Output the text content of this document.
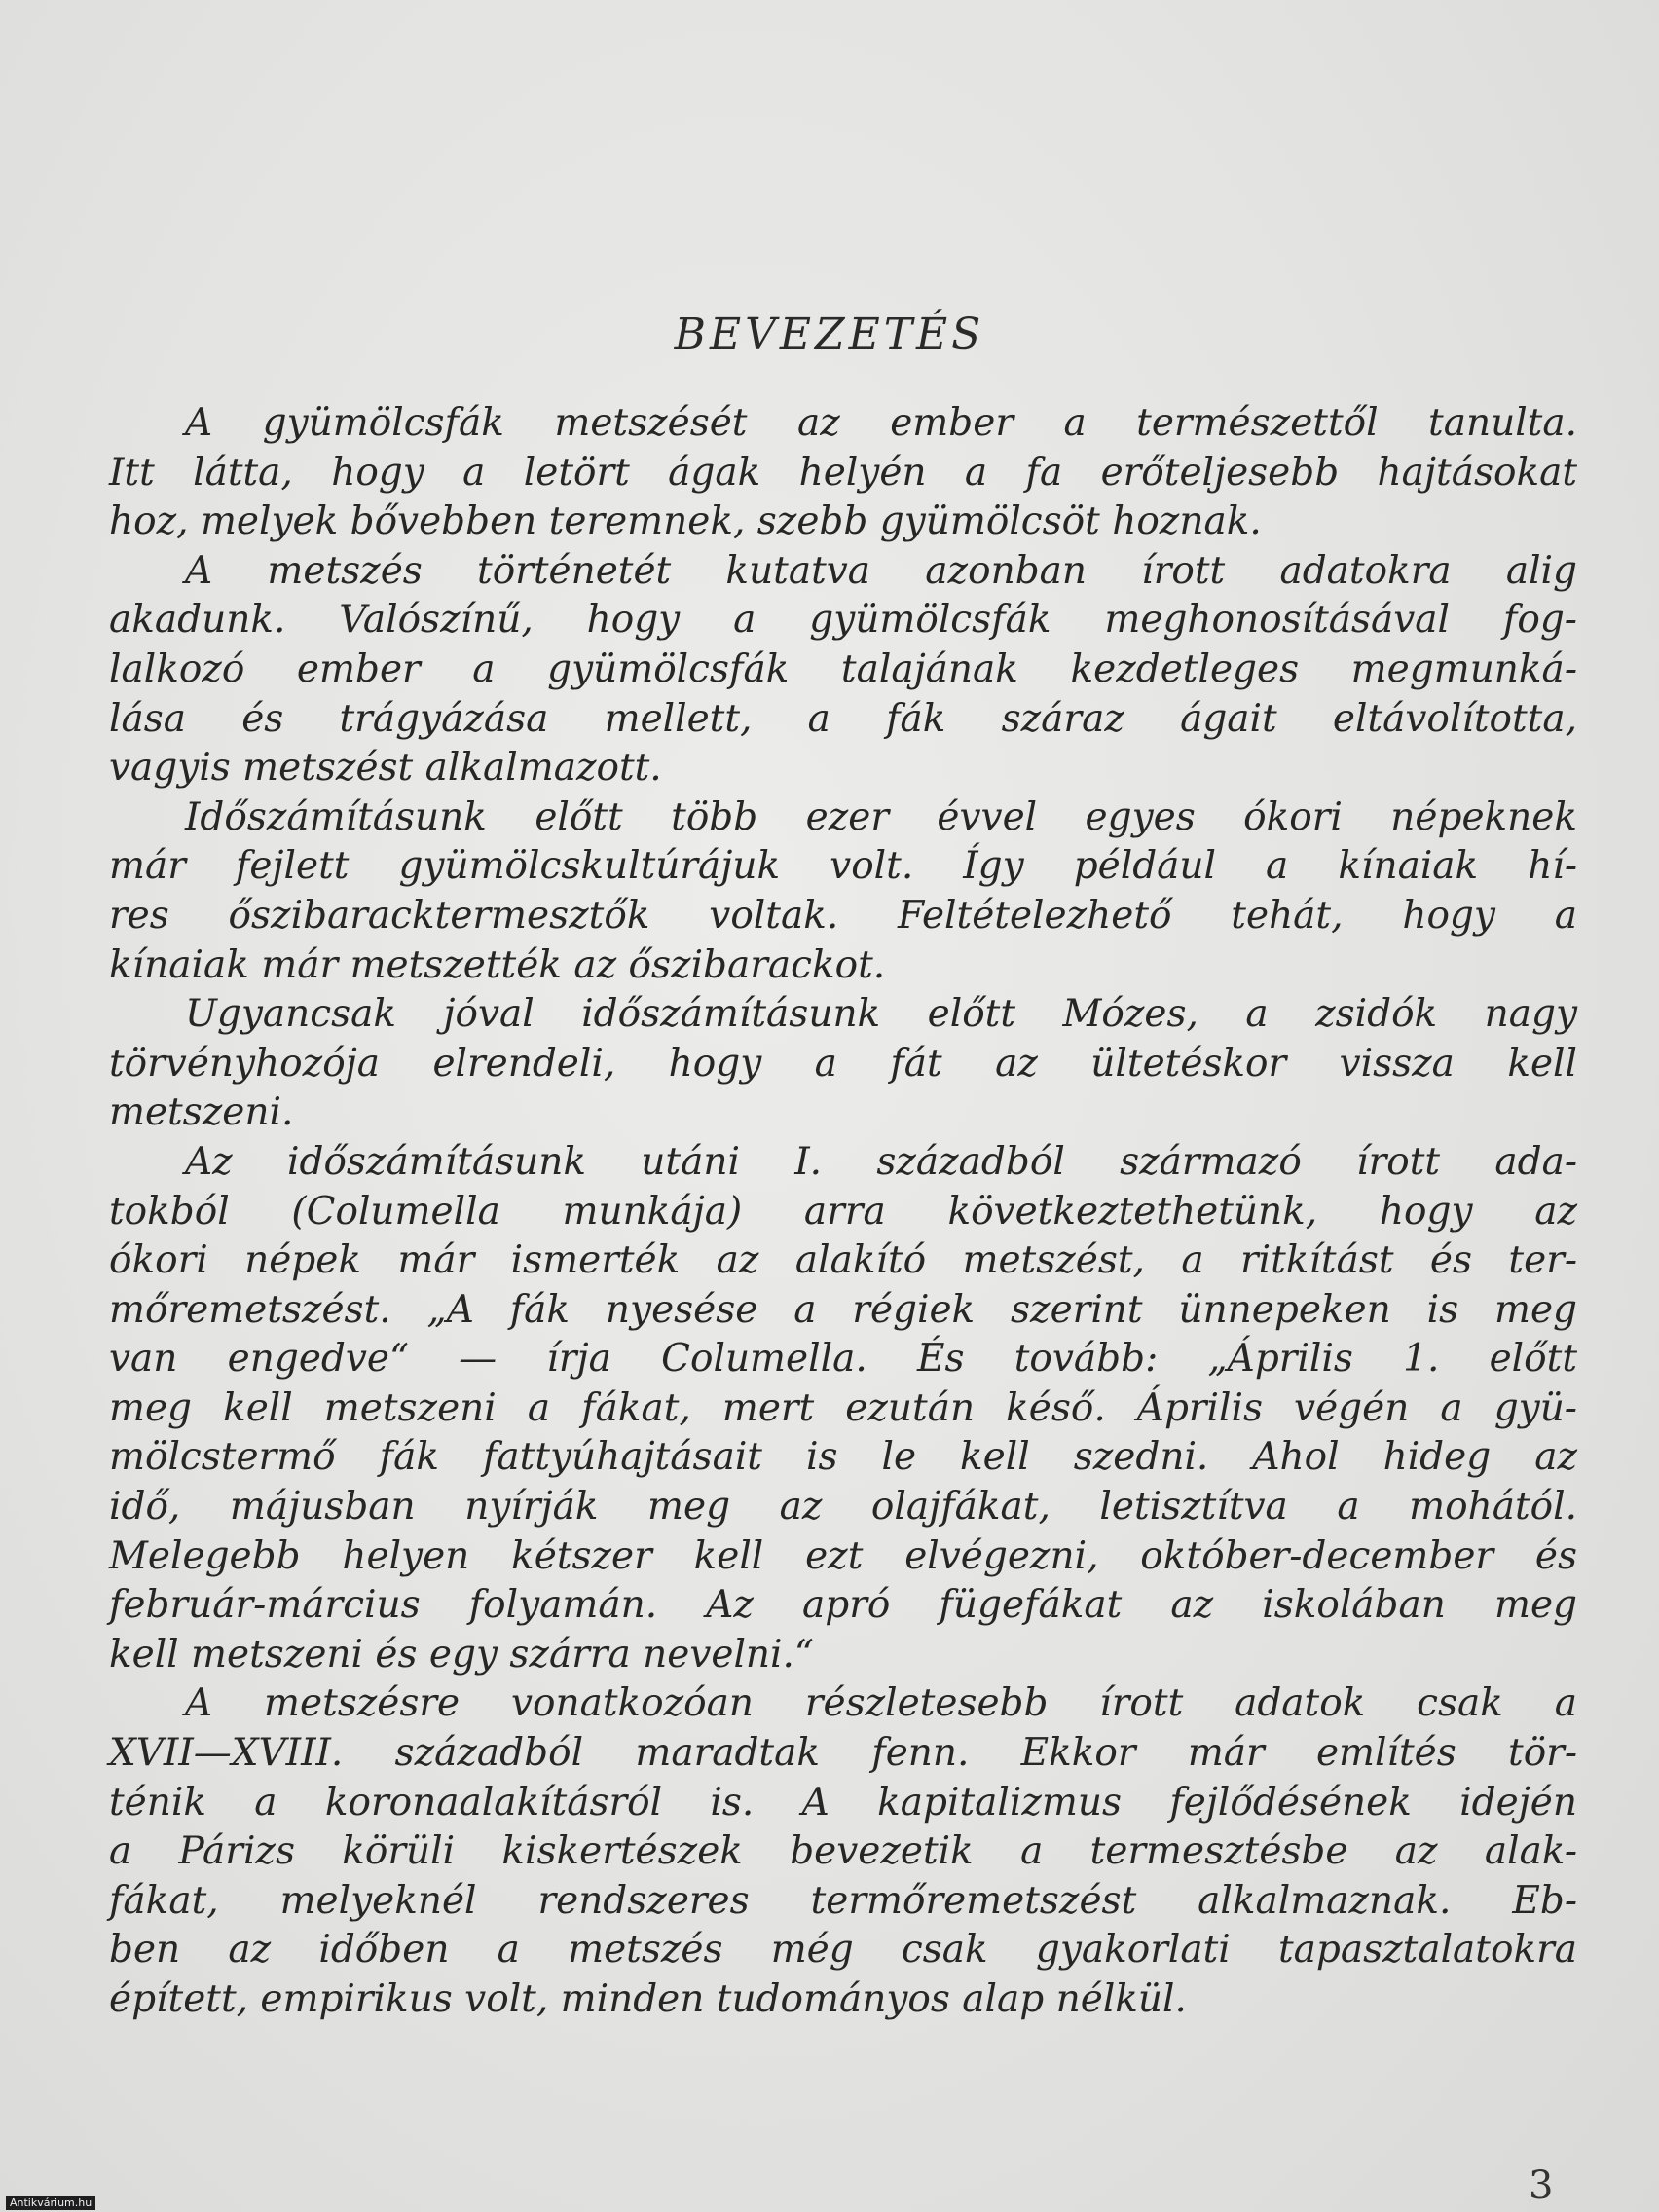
BEVEZETÉS
A gyümölcsfák metszését az ember a természettől tanulta.
Itt látta, hogy a letört ágak helyén a fa erőteljesebb hajtásokat
hoz, melyek bővebben teremnek, szebb gyümölcsöt hoznak.
A metszés történetét kutatva azonban írott adatokra alig
akadunk. Valószínű, hogy a gyümölcsfák meghonosításával fog-
lalkozó ember a gyümölcsfák talajának kezdetleges megmunká-
lása és trágyázása mellett, a fák száraz ágait eltávolította,
vagyis metszést alkalmazott.
Időszámításunk előtt több ezer évvel egyes ókori népeknek
már fejlett gyümölcskultúrájuk volt. Így például a kínaiak hí-
res őszibaracktermesztők voltak. Feltételezhető tehát, hogy a
kínaiak már metszették az őszibarackot.
Ugyancsak jóval időszámításunk előtt Mózes, a zsidók nagy
törvényhozója elrendeli, hogy a fát az ültetéskor vissza kell
metszeni.
Az időszámításunk utáni I. századból származó írott ada-
tokból (Columella munkája) arra következtethetünk, hogy az
ókori népek már ismerték az alakító metszést, a ritkítást és ter-
mőremetszést. „A fák nyesése a régiek szerint ünnepeken is meg
van engedve“ — írja Columella. És tovább: „Április 1. előtt
meg kell metszeni a fákat, mert ezután késő. Április végén a gyü-
mölcstermő fák fattyúhajtásait is le kell szedni. Ahol hideg az
idő, májusban nyírják meg az olajfákat, letisztítva a mohától.
Melegebb helyen kétszer kell ezt elvégezni, október-december és
február-március folyamán. Az apró fügefákat az iskolában meg
kell metszeni és egy szárra nevelni.“
A metszésre vonatkozóan részletesebb írott adatok csak a
XVII—XVIII. századból maradtak fenn. Ekkor már említés tör-
ténik a koronaalakításról is. A kapitalizmus fejlődésének idején
a Párizs körüli kiskertészek bevezetik a termesztésbe az alak-
fákat, melyeknél rendszeres termőremetszést alkalmaznak. Eb-
ben az időben a metszés még csak gyakorlati tapasztalatokra
épített, empirikus volt, minden tudományos alap nélkül.
3
Antikvárium.hu
